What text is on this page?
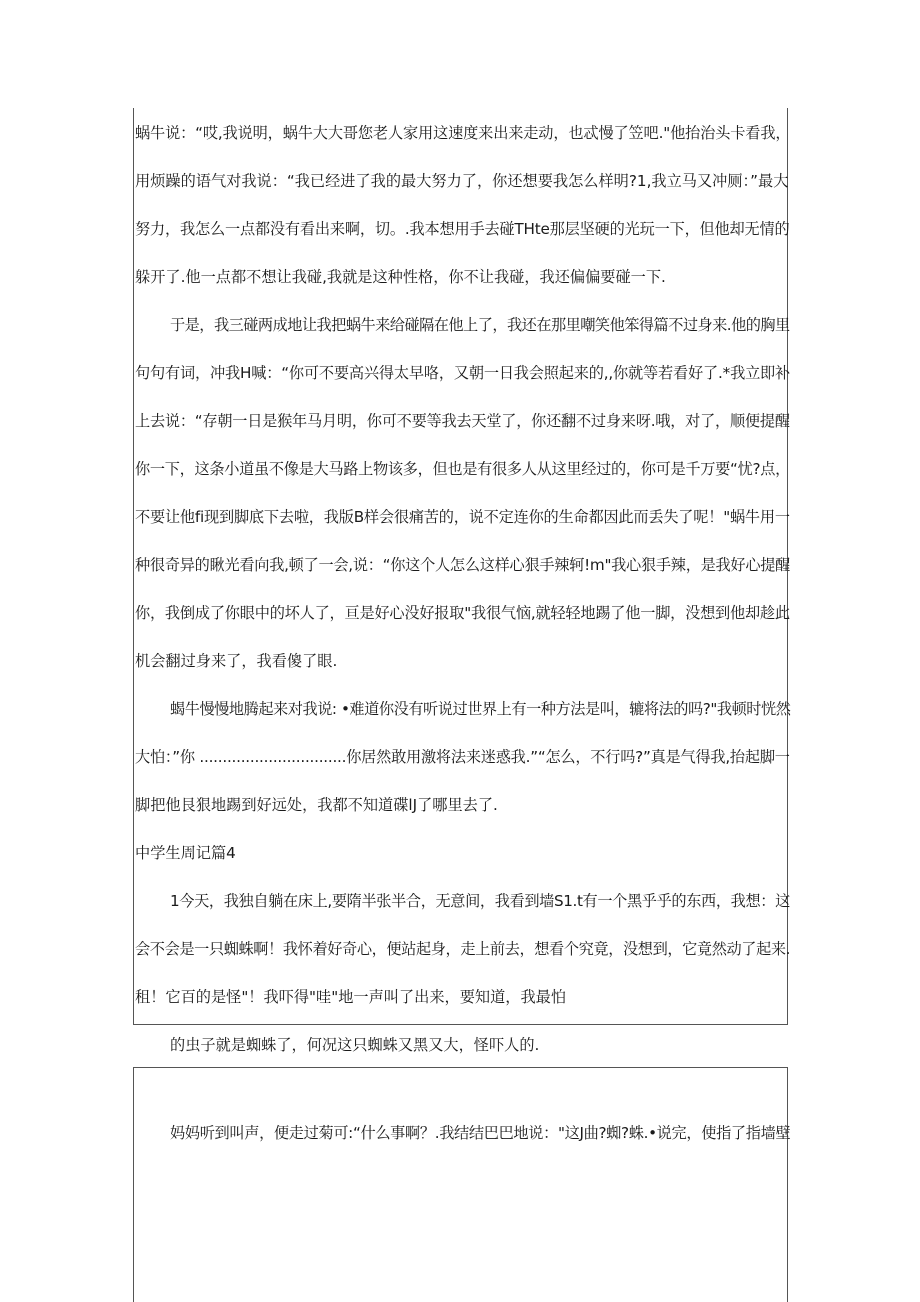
蜗牛说：“哎,我说明，蜗牛大大哥您老人家用这速度来出来走动，也忒慢了笠吧."他抬治头卡看我，
用烦躁的语气对我说：“我已经进了我的最大努力了，你还想要我怎么样明?1,我立马又冲厕：”最大
努力，我怎么一点都没有看出来啊，切。.我本想用手去碰THte那层坚硬的光玩一下，但他却无情的
躲开了.他一点都不想让我碰,我就是这种性格，你不让我碰，我还偏偏要碰一下.
于是，我三碰两成地让我把蜗牛来给碰隔在他上了，我还在那里嘲笑他笨得篇不过身来.他的胸里
句句有词，冲我H喊：“你可不要高兴得太早咯，又朝一日我会照起来的,,你就等若看好了.*我立即补
上去说：“存朝一日是猴年马月明，你可不要等我去天堂了，你还翻不过身来呀.哦，对了，顺便提醒
你一下，这条小道虽不像是大马路上物该多，但也是有很多人从这里经过的，你可是千万要“忧?点，
不要让他fi现到脚底下去啦，我版B样会很痛苦的，说不定连你的生命都因此而丢失了呢！"蜗牛用一
种很奇异的瞅光看向我,顿了一会,说：“你这个人怎么这样心狠手辣轲!m"我心狠手辣，是我好心提醒
你，我倒成了你眼中的坏人了，亘是好心没好报取"我很气恼,就轻轻地踢了他一脚，没想到他却趁此
机会翻过身来了，我看傻了眼.
蝎牛慢慢地腾起来对我说: •难道你没有听说过世界上有一种方法是叫，辘将法的吗?"我顿时恍然
大怕：”你 ................................你居然敢用激将法来迷惑我.”“怎么，不行吗?”真是气得我,抬起脚一
脚把他艮狠地踢到好远处，我都不知道碟lJ了哪里去了.
中学生周记篇4
1今天，我独自躺在床上,要隋半张半合，无意间，我看到墙S1.t有一个黑乎乎的东西，我想：这
会不会是一只蜘蛛啊！我怀着好奇心，便站起身，走上前去，想看个究竟，没想到，它竟然动了起来.
租！它百的是怪"！我吓得"哇"地一声叫了出来，要知道，我最怕
的虫子就是蜘蛛了，何况这只蜘蛛又黑又大，怪吓人的.
妈妈听到叫声，便走过菊可:“什么事啊？.我结结巴巴地说："这J曲?蜘?蛛.•说完，使指了指墙壁
